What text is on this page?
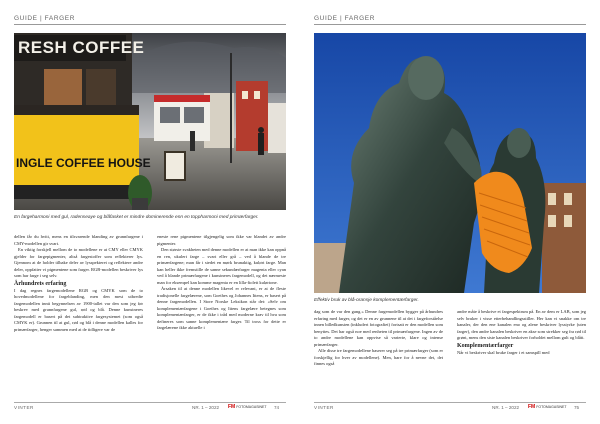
GUIDE | FARGER
RESH COFFEE
INGLE COFFEE HOUSE
En fargeharmoni med gul, radenseaye og blåfasket er mindre dominerende enn en toppharmoni med primærfarger.

dellen får du hvitt, mens en tilsvarende blanding av grunnfargene i CMY-modellen gir svart.

En viktig forskjell mellom de to modellene er at CMY eller CMYK gjelder for fargepigmenter, altså fargestoffer som reflekterer lys. Gjennom at de holder tilbake deler av lysspekteret og reflektere andre deler, oppfatter vi pigmentene som farger. RGB-modellen beskriver lys som har farge i seg selv.

Århundrets erfaring

I dag regnes fargemodellene RGB og CMYK som de to hovedmodellene for fargeblanding, men den mest utbredte fargemodellen innti begynnelsen av 1900-tallet var den som jeg før beskrev med grunnfargene gul, rød og blå. Denne kunstneres fargemodell er basert på det subtraktive fargesystemet (som også CMYK er). Grunnen til at gul, rød og blå i denne modellen kalles for primærfarger, henger sammen med at de tidligere var de

eneste rene pigmentene tilgjengelig som ikke var blandet av andre pigmenter.

Den største svakheten med denne modellen er at man ikke kan oppnå en ren, ukulert farge – svart eller grå – ved å blande de tre primærfargene; man får i stedet en mørk brunaktig, kulørt farge. Man kan heller ikke fremstille de sanne sekundærfarger magenta eller cyan ved å blande primærfargene i kunstneres fargemodell, og det nærmeste man for eksempel kan komme magenta er en lilla-fiolett kulørtone.

Årsaken til at denne modellen likevel er relevant, er at de fleste tradisjonelle fargelærene, som Goethes og Johannes Ittens, er basert på denne fargemodellen. I Store Norske Leksikon står det: «Selv om komplementærfargene i Goethes og Ittens fargelære betegnes som komplementærfarger, er de ikke i tråd med moderne krav til hva som defineres som sanne komplementære farger. Til tross for dette er fargelærene ikke aktuelle i

VINTER	NR. 1 – 2022 FMFOTOMAGASINET 74
GUIDE | FARGER
Effektiv bruk av blå-oransje komplementærfarger.

dag som de var den gang.» Denne fargemodellen bygger på århundres erfaring med farger, og det er en av grunnene til at det i fargeforståelse innen billedkunsten (inkludert fotografiet) fortsatt er den modellen som benyttes. Det har også noe med renheten til primærfargene. Ingen av de to andre modellene kan oppvise så varierte, klare og intense primærfarger.

Alle disse tre fargemodellene baserer seg på tre primærfarger (som er forskjellig for hver av modellene). Men, bare for å nevne det, det finnes også

andre måte å beskrive et fargespektrum på. En av dem er LAB, som jeg selv bruker i visse etterbehandlingsstiller. Her kan vi snakke om tre kanaler, der den ene kanalen eno og alene beskriver lysstyrke (uten farger), den andre kanalen beskriver en akse som strekker seg fra rød til grønt, mens den siste kanalen beskriver forholdet mellom gult og blått.

Komplementærfarger

Når vi beskriver skal bruke farger i et samspill med

VINTER	NR. 1 – 2022 FMFOTOMAGASINET 75
